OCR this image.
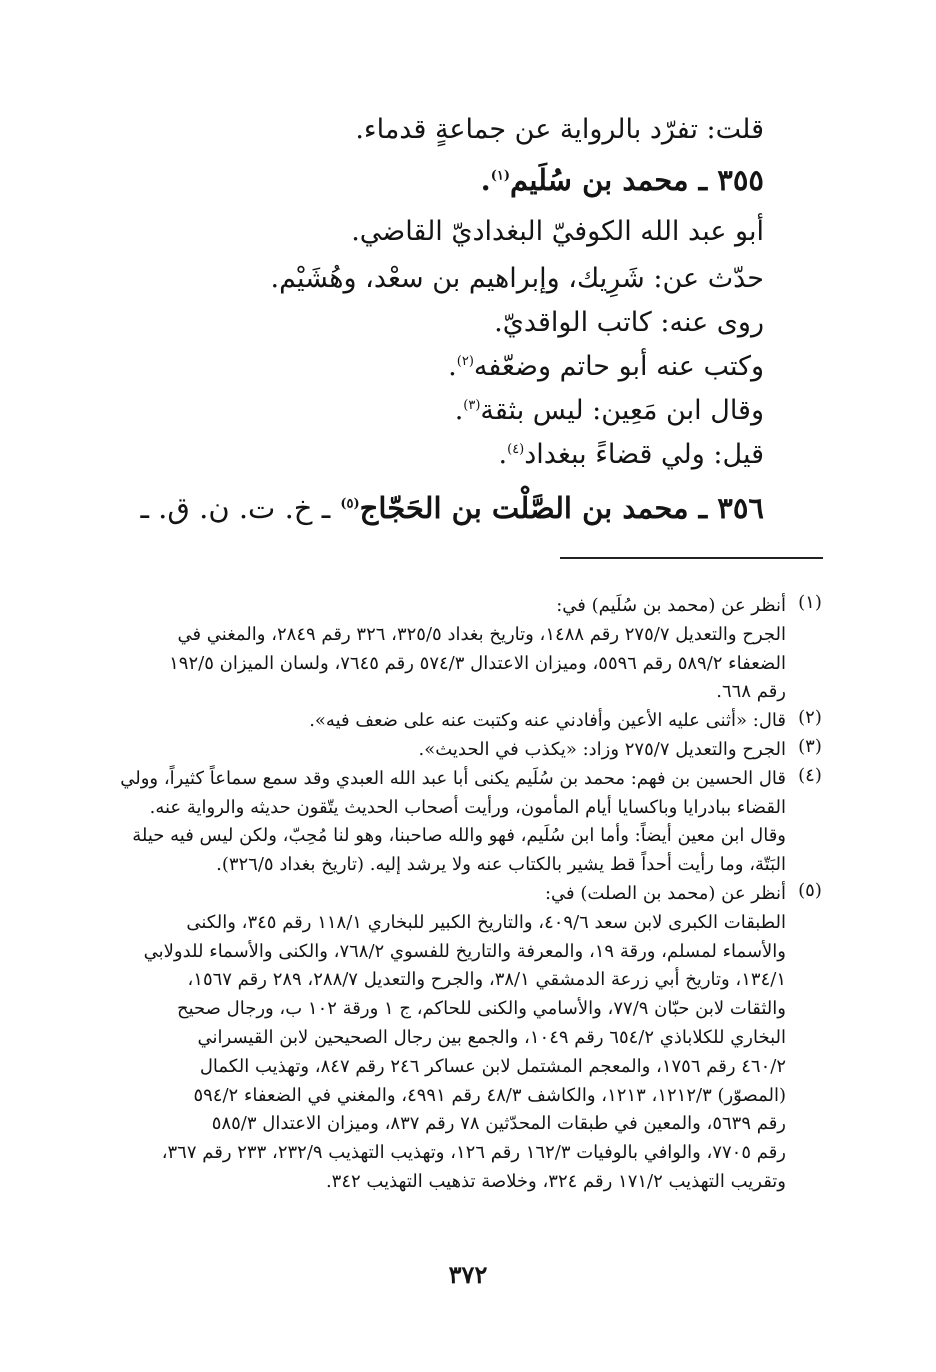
قلت: تفرّد بالرواية عن جماعةٍ قدماء.
٣٥٥ ـ محمد بن سُلَيم$^{(١)}$.
أبو عبد الله الكوفيّ البغداديّ القاضي.
حدّث عن: شَرِيك، وإبراهيم بن سعْد، وهُشَيْم.
روى عنه: كاتب الواقديّ.
وكتب عنه أبو حاتم وضعّفه$^{(٢)}$.
وقال ابن مَعِين: ليس بثقة$^{(٣)}$.
قيل: ولي قضاءً ببغداد$^{(٤)}$.
٣٥٦ ـ محمد بن الصَّلْت بن الحَجّاج$^{(٥)}$ ـ خ. ت. ن. ق. ـ
(١)
أنظر عن (محمد بن سُلَيم) في:
الجرح والتعديل ٢٧٥/٧ رقم ١٤٨٨، وتاريخ بغداد ٣٢٥/٥، ٣٢٦ رقم ٢٨٤٩، والمغني في
الضعفاء ٥٨٩/٢ رقم ٥٥٩٦، وميزان الاعتدال ٥٧٤/٣ رقم ٧٦٤٥، ولسان الميزان ١٩٢/٥
رقم ٦٦٨.
(٢)
قال: «أثنى عليه الأعين وأفادني عنه وكتبت عنه على ضعف فيه».
(٣)
الجرح والتعديل ٢٧٥/٧ وزاد: «يكذب في الحديث».
(٤)
قال الحسين بن فهم: محمد بن سُلَيم يكنى أبا عبد الله العبدي وقد سمع سماعاً كثيراً، وولي
القضاء ببادرايا وباكسايا أيام المأمون، ورأيت أصحاب الحديث يتّقون حديثه والرواية عنه.
وقال ابن معين أيضاً: وأما ابن سُلَيم، فهو والله صاحبنا، وهو لنا مُحِبّ، ولكن ليس فيه حيلة
البَتّة، وما رأيت أحداً قط يشير بالكتاب عنه ولا يرشد إليه. (تاريخ بغداد ٣٢٦/٥).
(٥)
أنظر عن (محمد بن الصلت) في:
الطبقات الكبرى لابن سعد ٤٠٩/٦، والتاريخ الكبير للبخاري ١١٨/١ رقم ٣٤٥، والكنى
والأسماء لمسلم، ورقة ١٩، والمعرفة والتاريخ للفسوي ٧٦٨/٢، والكنى والأسماء للدولابي
١٣٤/١، وتاريخ أبي زرعة الدمشقي ٣٨/١، والجرح والتعديل ٢٨٨/٧، ٢٨٩ رقم ١٥٦٧،
والثقات لابن حبّان ٧٧/٩، والأسامي والكنى للحاكم، ج ١ ورقة ١٠٢ ب، ورجال صحيح
البخاري للكلاباذي ٦٥٤/٢ رقم ١٠٤٩، والجمع بين رجال الصحيحين لابن القيسراني
٤٦٠/٢ رقم ١٧٥٦، والمعجم المشتمل لابن عساكر ٢٤٦ رقم ٨٤٧، وتهذيب الكمال
(المصوّر) ١٢١٢/٣، ١٢١٣، والكاشف ٤٨/٣ رقم ٤٩٩١، والمغني في الضعفاء ٥٩٤/٢
رقم ٥٦٣٩، والمعين في طبقات المحدّثين ٧٨ رقم ٨٣٧، وميزان الاعتدال ٥٨٥/٣
رقم ٧٧٠٥، والوافي بالوفيات ١٦٢/٣ رقم ١٢٦، وتهذيب التهذيب ٢٣٢/٩، ٢٣٣ رقم ٣٦٧،
وتقريب التهذيب ١٧١/٢ رقم ٣٢٤، وخلاصة تذهيب التهذيب ٣٤٢.
٣٧٢
